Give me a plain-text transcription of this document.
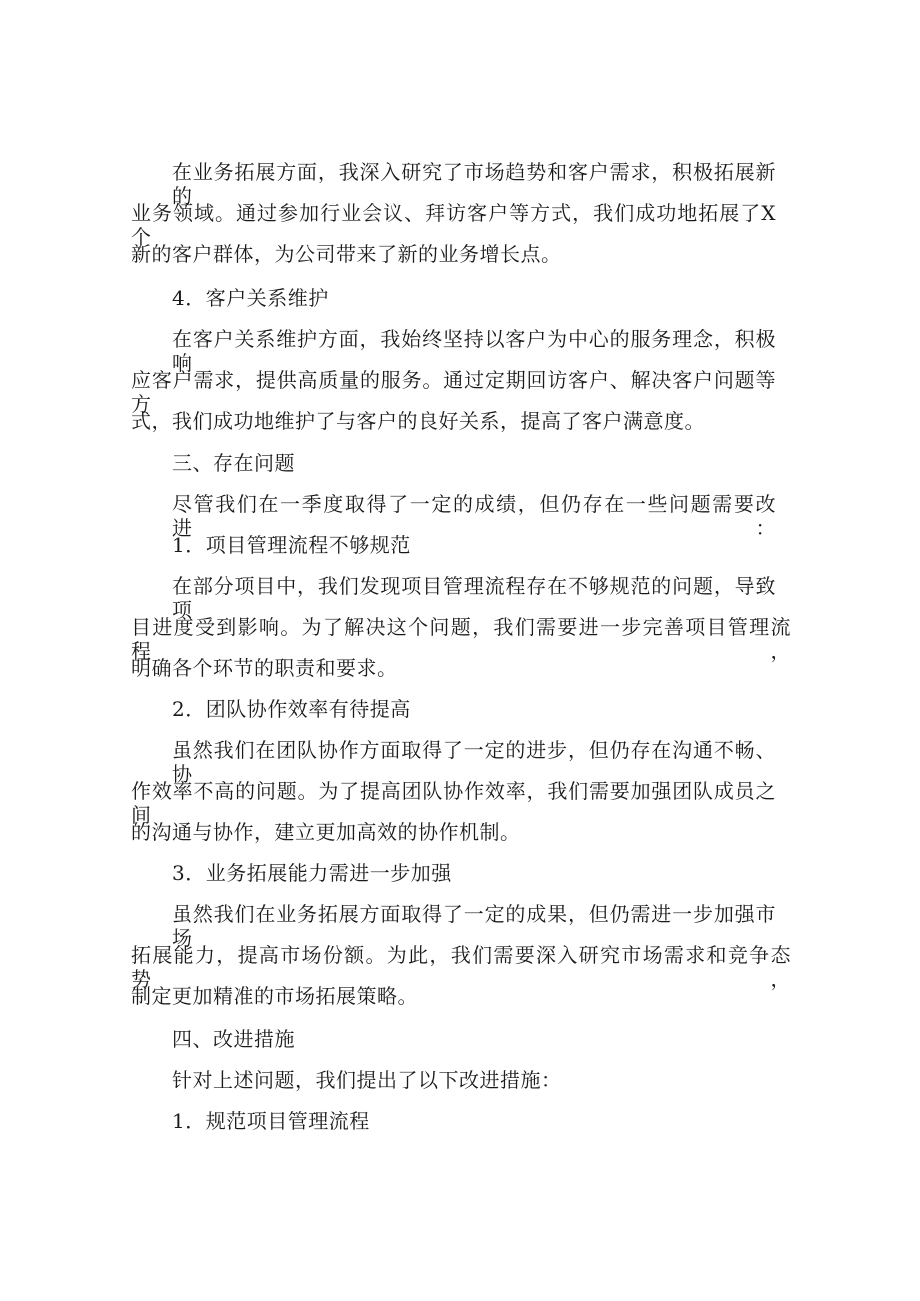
在业务拓展方面，我深入研究了市场趋势和客户需求，积极拓展新的
业务领域。通过参加行业会议、拜访客户等方式，我们成功地拓展了X个
新的客户群体，为公司带来了新的业务增长点。
4．客户关系维护
在客户关系维护方面，我始终坚持以客户为中心的服务理念，积极响
应客户需求，提供高质量的服务。通过定期回访客户、解决客户问题等方
式，我们成功地维护了与客户的良好关系，提高了客户满意度。
三、存在问题
尽管我们在一季度取得了一定的成绩，但仍存在一些问题需要改进：
1．项目管理流程不够规范
在部分项目中，我们发现项目管理流程存在不够规范的问题，导致项
目进度受到影响。为了解决这个问题，我们需要进一步完善项目管理流程，
明确各个环节的职责和要求。
2．团队协作效率有待提高
虽然我们在团队协作方面取得了一定的进步，但仍存在沟通不畅、协
作效率不高的问题。为了提高团队协作效率，我们需要加强团队成员之间
的沟通与协作，建立更加高效的协作机制。
3．业务拓展能力需进一步加强
虽然我们在业务拓展方面取得了一定的成果，但仍需进一步加强市场
拓展能力，提高市场份额。为此，我们需要深入研究市场需求和竞争态势，
制定更加精准的市场拓展策略。
四、改进措施
针对上述问题，我们提出了以下改进措施：
1．规范项目管理流程
